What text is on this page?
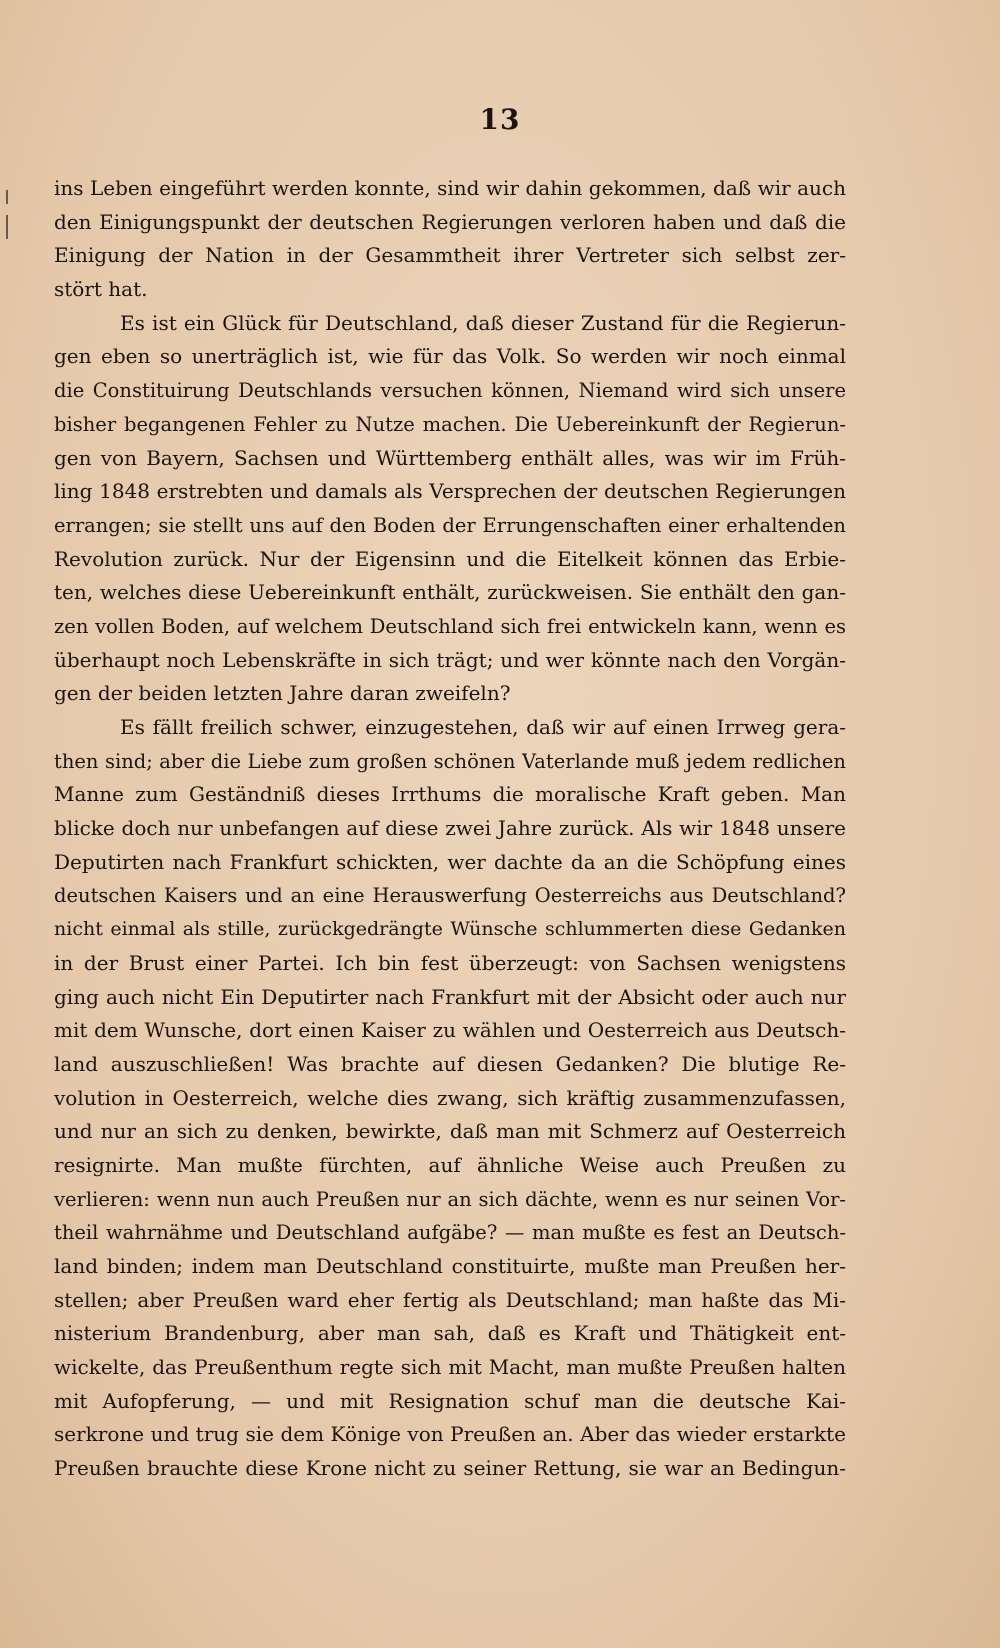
13
ins Leben eingeführt werden konnte, sind wir dahin gekommen, daß wir auch
den Einigungspunkt der deutschen Regierungen verloren haben und daß die
Einigung der Nation in der Gesammtheit ihrer Vertreter sich selbst zer-
stört hat.
Es ist ein Glück für Deutschland, daß dieser Zustand für die Regierun-
gen eben so unerträglich ist, wie für das Volk. So werden wir noch einmal
die Constituirung Deutschlands versuchen können, Niemand wird sich unsere
bisher begangenen Fehler zu Nutze machen. Die Uebereinkunft der Regierun-
gen von Bayern, Sachsen und Württemberg enthält alles, was wir im Früh-
ling 1848 erstrebten und damals als Versprechen der deutschen Regierungen
errangen; sie stellt uns auf den Boden der Errungenschaften einer erhaltenden
Revolution zurück. Nur der Eigensinn und die Eitelkeit können das Erbie-
ten, welches diese Uebereinkunft enthält, zurückweisen. Sie enthält den gan-
zen vollen Boden, auf welchem Deutschland sich frei entwickeln kann, wenn es
überhaupt noch Lebenskräfte in sich trägt; und wer könnte nach den Vorgän-
gen der beiden letzten Jahre daran zweifeln?
Es fällt freilich schwer, einzugestehen, daß wir auf einen Irrweg gera-
then sind; aber die Liebe zum großen schönen Vaterlande muß jedem redlichen
Manne zum Geständniß dieses Irrthums die moralische Kraft geben. Man
blicke doch nur unbefangen auf diese zwei Jahre zurück. Als wir 1848 unsere
Deputirten nach Frankfurt schickten, wer dachte da an die Schöpfung eines
deutschen Kaisers und an eine Herauswerfung Oesterreichs aus Deutschland?
nicht einmal als stille, zurückgedrängte Wünsche schlummerten diese Gedanken
in der Brust einer Partei. Ich bin fest überzeugt: von Sachsen wenigstens
ging auch nicht Ein Deputirter nach Frankfurt mit der Absicht oder auch nur
mit dem Wunsche, dort einen Kaiser zu wählen und Oesterreich aus Deutsch-
land auszuschließen! Was brachte auf diesen Gedanken? Die blutige Re-
volution in Oesterreich, welche dies zwang, sich kräftig zusammenzufassen,
und nur an sich zu denken, bewirkte, daß man mit Schmerz auf Oesterreich
resignirte. Man mußte fürchten, auf ähnliche Weise auch Preußen zu
verlieren: wenn nun auch Preußen nur an sich dächte, wenn es nur seinen Vor-
theil wahrnähme und Deutschland aufgäbe? — man mußte es fest an Deutsch-
land binden; indem man Deutschland constituirte, mußte man Preußen her-
stellen; aber Preußen ward eher fertig als Deutschland; man haßte das Mi-
nisterium Brandenburg, aber man sah, daß es Kraft und Thätigkeit ent-
wickelte, das Preußenthum regte sich mit Macht, man mußte Preußen halten
mit Aufopferung, — und mit Resignation schuf man die deutsche Kai-
serkrone und trug sie dem Könige von Preußen an. Aber das wieder erstarkte
Preußen brauchte diese Krone nicht zu seiner Rettung, sie war an Bedingun-
